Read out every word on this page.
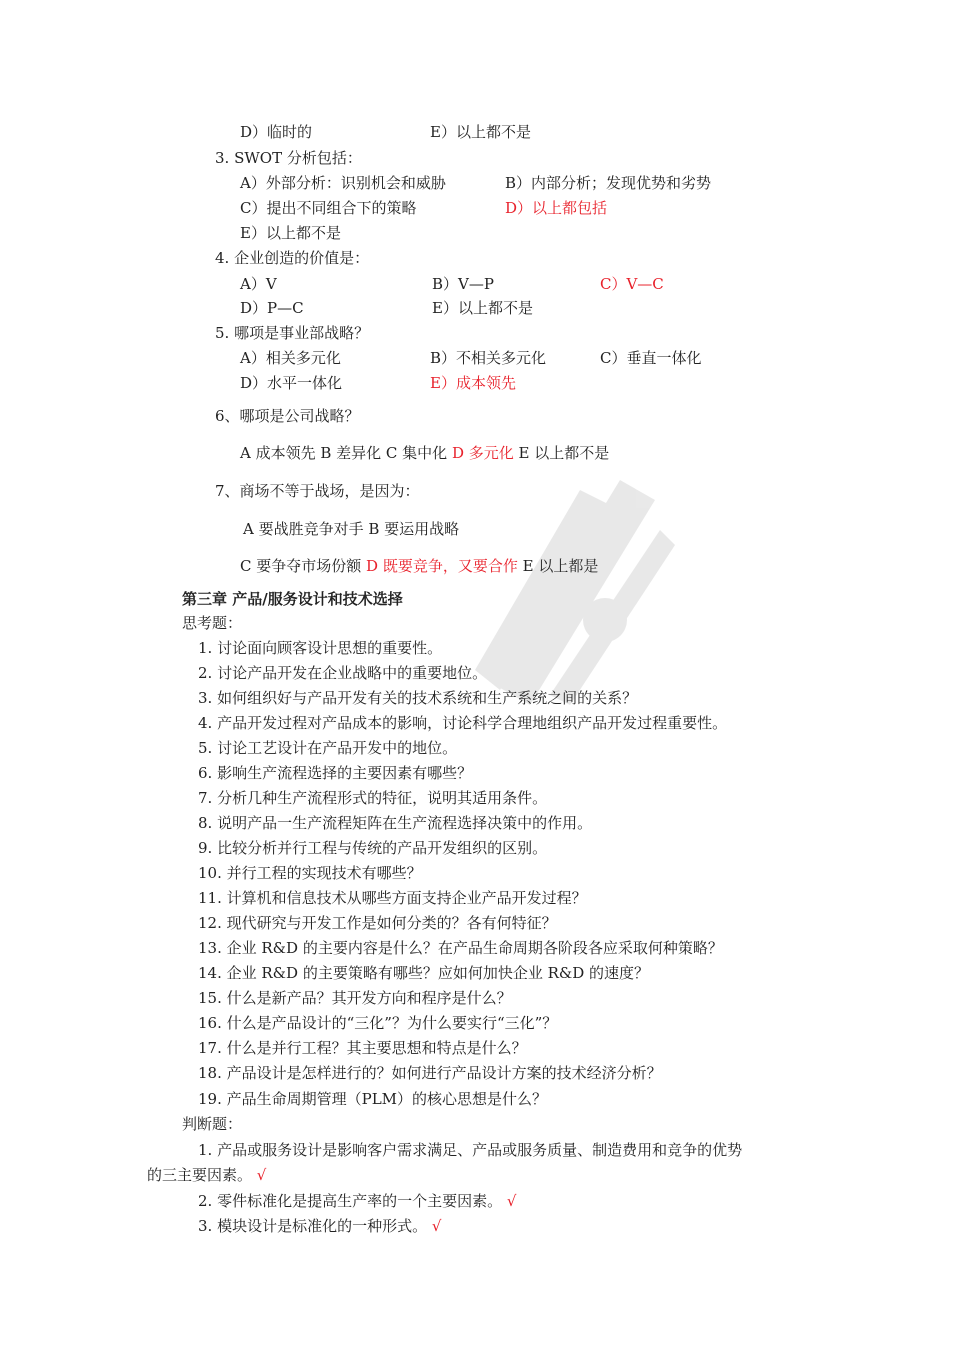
D）临时的	E）以上都不是
3. SWOT 分析包括：
A）外部分析：识别机会和威胁	B）内部分析；发现优势和劣势
C）提出不同组合下的策略	D）以上都包括
E）以上都不是
4. 企业创造的价值是：
A）V	B）V—P	C）V—C
D）P—C	E）以上都不是
5. 哪项是事业部战略？
A）相关多元化	B）不相关多元化	C）垂直一体化
D）水平一体化	E）成本领先
6、哪项是公司战略？
A 成本领先 B 差异化 C 集中化 D 多元化 E 以上都不是
7、商场不等于战场，是因为：
A 要战胜竞争对手 B 要运用战略
C 要争夺市场份额 D 既要竞争，又要合作 E 以上都是
第三章 产品/服务设计和技术选择
思考题：
1. 讨论面向顾客设计思想的重要性。
2. 讨论产品开发在企业战略中的重要地位。
3. 如何组织好与产品开发有关的技术系统和生产系统之间的关系？
4. 产品开发过程对产品成本的影响，讨论科学合理地组织产品开发过程重要性。
5. 讨论工艺设计在产品开发中的地位。
6. 影响生产流程选择的主要因素有哪些？
7. 分析几种生产流程形式的特征，说明其适用条件。
8. 说明产品一生产流程矩阵在生产流程选择决策中的作用。
9. 比较分析并行工程与传统的产品开发组织的区别。
10. 并行工程的实现技术有哪些？
11. 计算机和信息技术从哪些方面支持企业产品开发过程？
12. 现代研究与开发工作是如何分类的？各有何特征？
13. 企业 R&D 的主要内容是什么？在产品生命周期各阶段各应采取何种策略？
14. 企业 R&D 的主要策略有哪些？应如何加快企业 R&D 的速度？
15. 什么是新产品？其开发方向和程序是什么？
16. 什么是产品设计的“三化”？为什么要实行“三化”？
17. 什么是并行工程？其主要思想和特点是什么？
18. 产品设计是怎样进行的？如何进行产品设计方案的技术经济分析？
19. 产品生命周期管理（PLM）的核心思想是什么？
判断题：
1. 产品或服务设计是影响客户需求满足、产品或服务质量、制造费用和竞争的优势
的三主要因素。 √
2. 零件标准化是提高生产率的一个主要因素。 √
3. 模块设计是标准化的一种形式。 √
